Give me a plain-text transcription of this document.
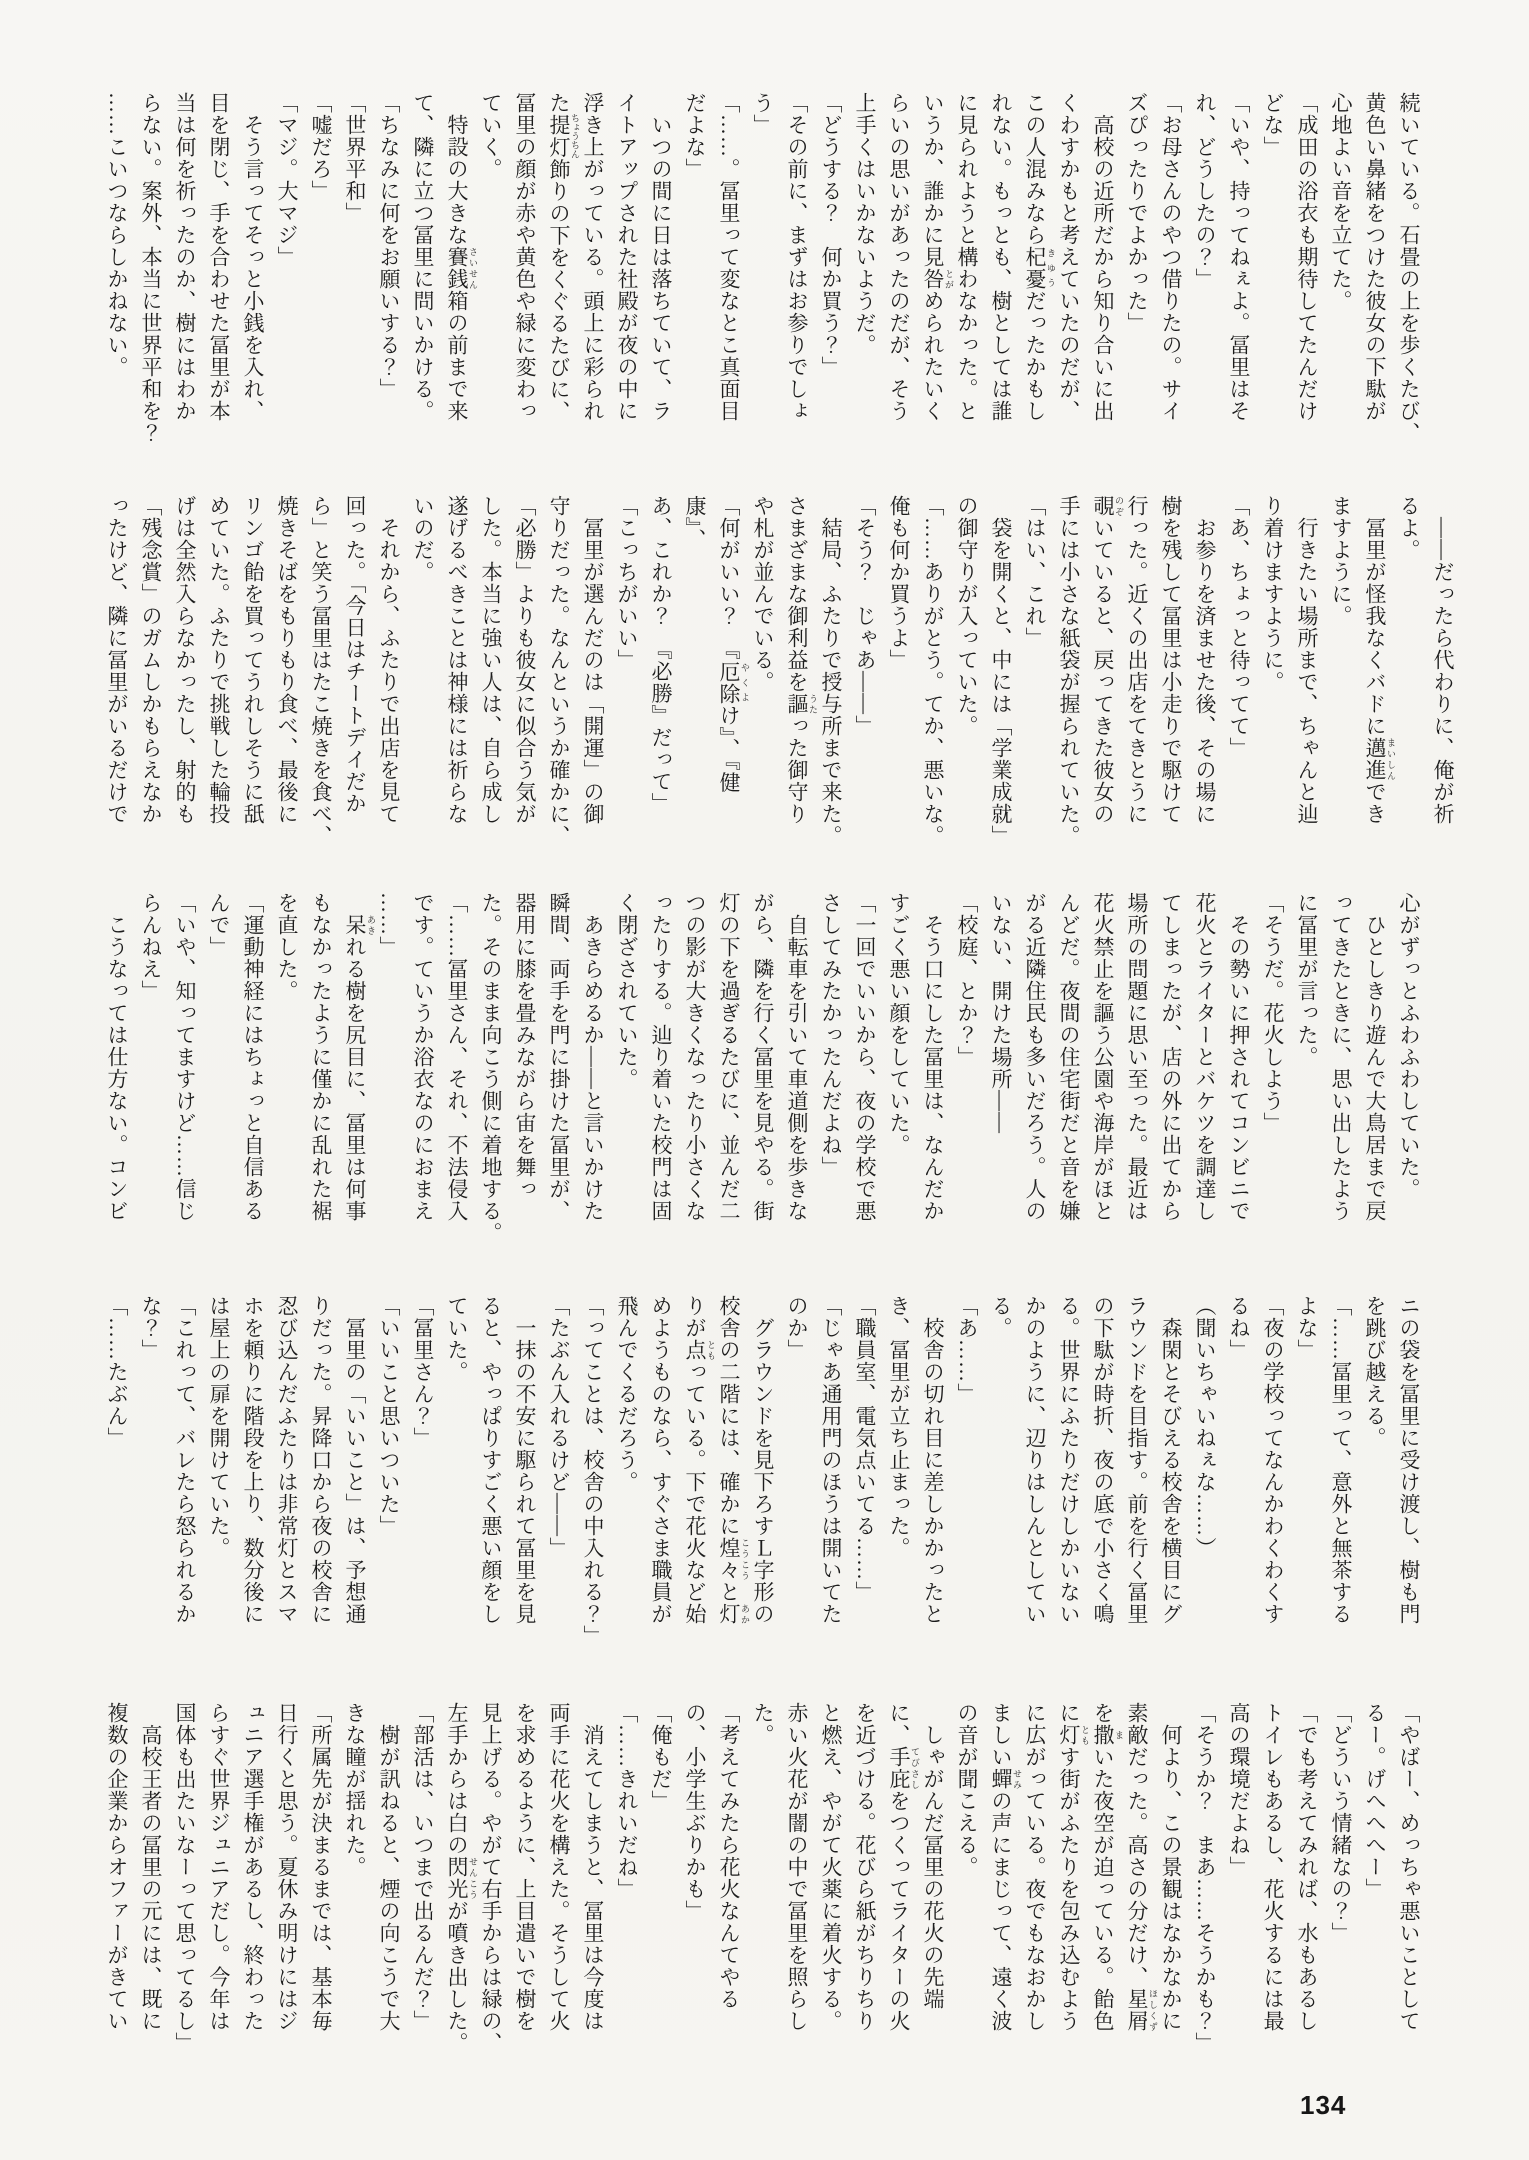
続いている。石畳の上を歩くたび、
黄色い鼻緒をつけた彼女の下駄が
心地よい音を立てた。
「成田の浴衣も期待してたんだけ
どな」
「いや、持ってねぇよ。冨里はそ
れ、どうしたの？」
「お母さんのやつ借りたの。サイ
ズぴったりでよかった」
　高校の近所だから知り合いに出
くわすかもと考えていたのだが、
この人混みなら杞憂 きゆうだったかもし
れない。もっとも、樹としては誰
に見られようと構わなかった。と
いうか、誰かに見咎 とがめられたいく
らいの思いがあったのだが、そう
上手くはいかないようだ。
「どうする？　何か買う？」
「その前に、まずはお参りでしょ
う」
「……。冨里って変なとこ真面目
だよな」
　いつの間に日は落ちていて、ラ
イトアップされた社殿が夜の中に
浮き上がっている。頭上に彩られ
た提灯 ちょうちん飾りの下をくぐるたびに、
冨里の顔が赤や黄色や緑に変わっ
ていく。
　特設の大きな賽銭 さいせん箱の前まで来
て、隣に立つ冨里に問いかける。
「ちなみに何をお願いする？」
「世界平和」
「嘘だろ」
「マジ。大マジ」
　そう言ってそっと小銭を入れ、
目を閉じ、手を合わせた冨里が本
当は何を祈ったのか、樹にはわか
らない。案外、本当に世界平和を？
……こいつならしかねない。

　――だったら代わりに、俺が祈
るよ。
　冨里が怪我なくバドに邁進 まいしんでき
ますように。
　行きたい場所まで、ちゃんと辿
り着けますように。
「あ、ちょっと待ってて」
　お参りを済ませた後、その場に
樹を残して冨里は小走りで駆けて
行った。近くの出店をてきとうに
覗 のぞいていると、戻ってきた彼女の
手には小さな紙袋が握られていた。
「はい、これ」
　袋を開くと、中には「学業成就」
の御守りが入っていた。
「……ありがとう。てか、悪いな。
俺も何か買うよ」
「そう？　じゃあ――」
　結局、ふたりで授与所まで来た。
さまざまな御利益を謳 うたった御守り
や札が並んでいる。
「何がいい？　『厄除 やくよけ』、『健康』、
あ、これか？　『必勝』だって」
「こっちがいい」
　冨里が選んだのは「開運」の御
守りだった。なんというか確かに、
「必勝」よりも彼女に似合う気が
した。本当に強い人は、自ら成し
遂げるべきことは神様には祈らな
いのだ。
　それから、ふたりで出店を見て
回った。「今日はチートデイだか
ら」と笑う冨里はたこ焼きを食べ、
焼きそばをもりもり食べ、最後に
リンゴ飴を買ってうれしそうに舐
めていた。ふたりで挑戦した輪投
げは全然入らなかったし、射的も
「残念賞」のガムしかもらえなか
ったけど、隣に冨里がいるだけで

心がずっとふわふわしていた。
　ひとしきり遊んで大鳥居まで戻
ってきたときに、思い出したよう
に冨里が言った。
「そうだ。花火しよう」
　その勢いに押されてコンビニで
花火とライターとバケツを調達し
てしまったが、店の外に出てから
場所の問題に思い至った。最近は
花火禁止を謳う公園や海岸がほと
んどだ。夜間の住宅街だと音を嫌
がる近隣住民も多いだろう。人の
いない、開けた場所――
「校庭、とか？」
　そう口にした冨里は、なんだか
すごく悪い顔をしていた。
「一回でいいから、夜の学校で悪
さしてみたかったんだよね」
　自転車を引いて車道側を歩きな
がら、隣を行く冨里を見やる。街
灯の下を過ぎるたびに、並んだ二
つの影が大きくなったり小さくな
ったりする。辿り着いた校門は固
く閉ざされていた。
　あきらめるか――と言いかけた
瞬間、両手を門に掛けた冨里が、
器用に膝を畳みながら宙を舞っ
た。そのまま向こう側に着地する。
「……冨里さん、それ、不法侵入
です。ていうか浴衣なのにおまえ
……」
　呆 あきれる樹を尻目に、冨里は何事
もなかったように僅かに乱れた裾
を直した。
「運動神経にはちょっと自信ある
んで」
「いや、知ってますけど……信じ
らんねえ」
　こうなっては仕方ない。コンビ

ニの袋を冨里に受け渡し、樹も門
を跳び越える。
「……冨里って、意外と無茶する
よな」
「夜の学校ってなんかわくわくす
るね」
（聞いちゃいねぇな……）
　森閑とそびえる校舎を横目にグ
ラウンドを目指す。前を行く冨里
の下駄が時折、夜の底で小さく鳴
る。世界にふたりだけしかいない
かのように、辺りはしんとしてい
る。
「あ……」
　校舎の切れ目に差しかかったと
き、冨里が立ち止まった。
「職員室、電気点いてる……」
「じゃあ通用門のほうは開いてた
のか」
　グラウンドを見下ろすＬ字形の
校舎の二階には、確かに煌々 こうこうと灯 あか
りが点 ともっている。下で花火など始
めようものなら、すぐさま職員が
飛んでくるだろう。
「ってことは、校舎の中入れる？」
「たぶん入れるけど――」
　一抹の不安に駆られて冨里を見
ると、やっぱりすごく悪い顔をし
ていた。
「冨里さん？」
「いいこと思いついた」
　冨里の「いいこと」は、予想通
りだった。昇降口から夜の校舎に
忍び込んだふたりは非常灯とスマ
ホを頼りに階段を上り、数分後に
は屋上の扉を開けていた。
「これって、バレたら怒られるか
な？」
「……たぶん」

「やばー、めっちゃ悪いことして
るー。げへへへー」
「どういう情緒なの？」
「でも考えてみれば、水もあるし
トイレもあるし、花火するには最
高の環境だよね」
「そうか？　まあ……そうかも？」
　何より、この景観はなかなかに
素敵だった。高さの分だけ、星屑 ほしくず
を撒 まいた夜空が迫っている。飴色
に灯 ともす街がふたりを包み込むよう
に広がっている。夜でもなおかし
ましい蟬 せみの声にまじって、遠く波
の音が聞こえる。
　しゃがんだ冨里の花火の先端
に、手庇 てびさしをつくってライターの火
を近づける。花びら紙がちりちり
と燃え、やがて火薬に着火する。
赤い火花が闇の中で冨里を照らし
た。
「考えてみたら花火なんてやる
の、小学生ぶりかも」
「俺もだ」
「……きれいだね」
　消えてしまうと、冨里は今度は
両手に花火を構えた。そうして火
を求めるように、上目遣いで樹を
見上げる。やがて右手からは緑の、
左手からは白の閃光 せんこうが噴き出した。
「部活は、いつまで出るんだ？」
　樹が訊ねると、煙の向こうで大
きな瞳が揺れた。
「所属先が決まるまでは、基本毎
日行くと思う。夏休み明けにはジ
ュニア選手権があるし、終わった
らすぐ世界ジュニアだし。今年は
国体も出たいなーって思ってるし」
　高校王者の冨里の元には、既に
複数の企業からオファーがきてい

134
